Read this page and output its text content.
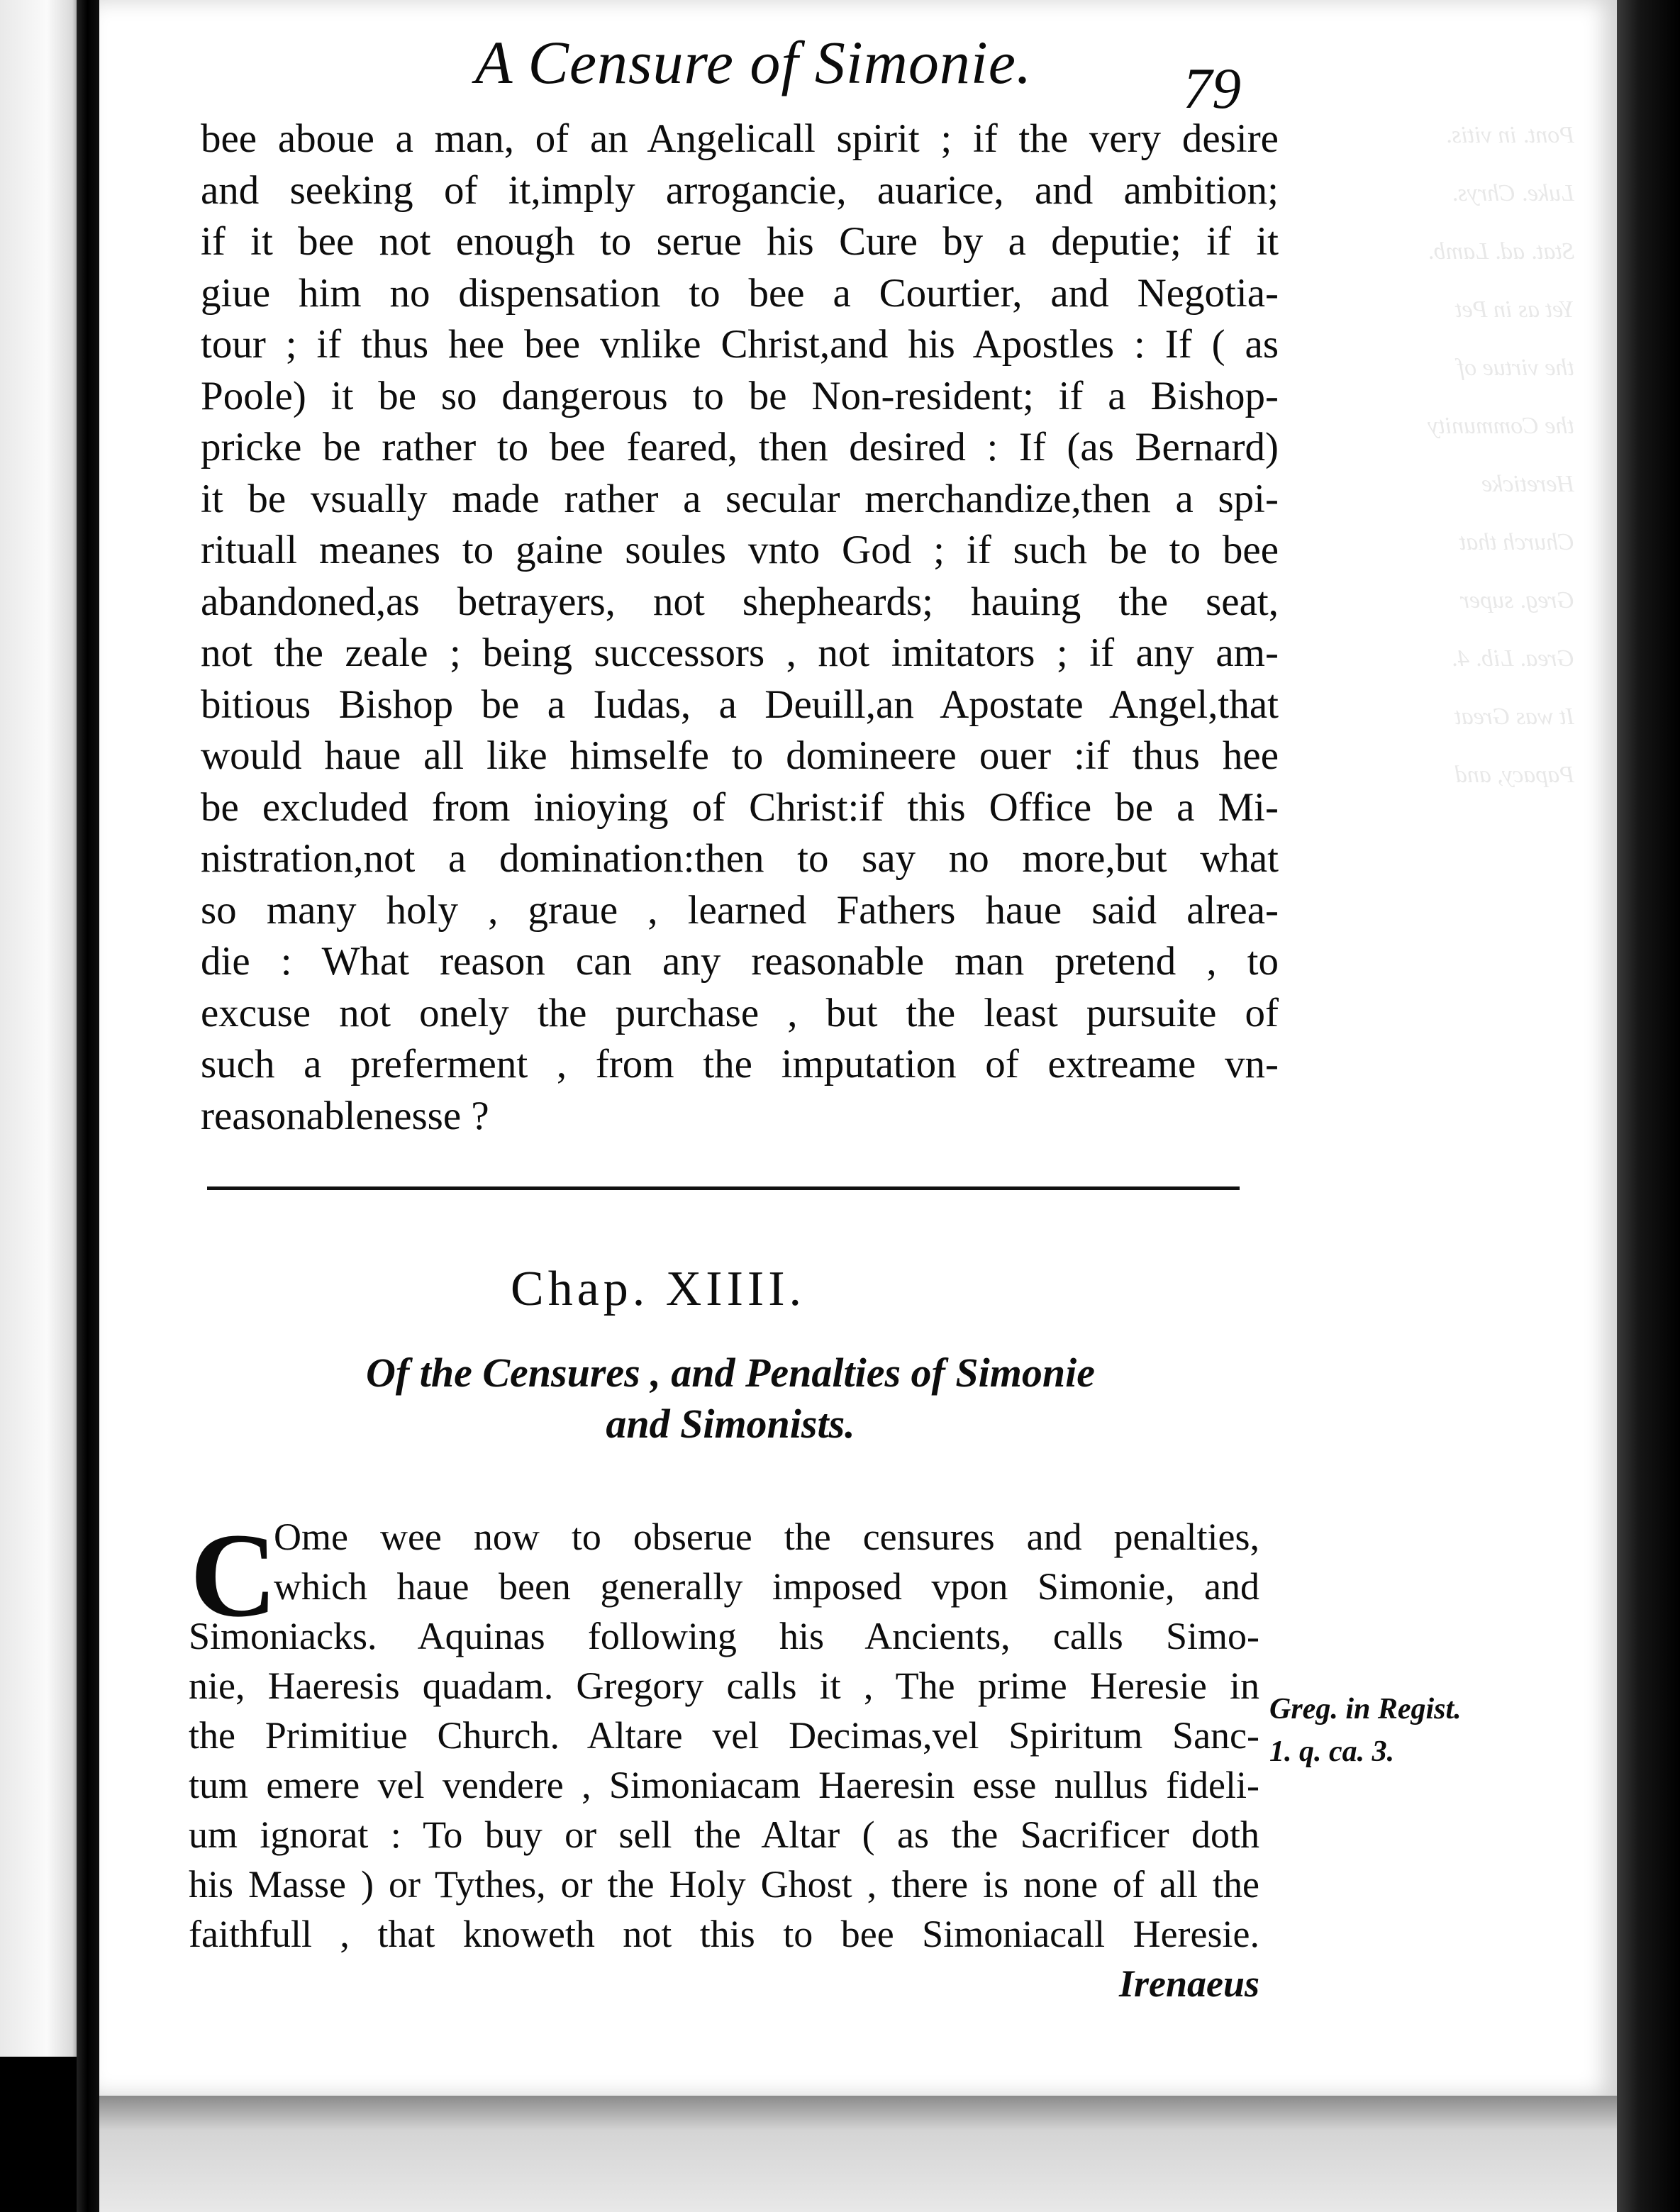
Pont. in vitis.
Luke. Chrys.
Stat. ad. Lamb.
Yet as in Pet
the virtue of
the Community
Hereticke
Church that
Greg. super
Grea. Lib. 4.
It was Great
Papacy, and
A Censure of Simonie.	79
bee aboue a man, of an Angelicall spirit ; if the very desire
and seeking of it,imply arrogancie, auarice, and ambition;
if it bee not enough to serue his Cure by a deputie; if it
giue him no dispensation to bee a Courtier, and Negotia-
tour ; if thus hee bee vnlike Christ,and his Apostles : If ( as
Poole) it be so dangerous to be Non-resident; if a Bishop-
pricke be rather to bee feared, then desired : If (as Bernard)
it be vsually made rather a secular merchandize,then a spi-
rituall meanes to gaine soules vnto God ; if such be to bee
abandoned,as betrayers, not shepheards; hauing the seat,
not the zeale ; being successors , not imitators ; if any am-
bitious Bishop be a Iudas, a Deuill,an Apostate Angel,that
would haue all like himselfe to domineere ouer :if thus hee
be excluded from inioying of Christ:if this Office be a Mi-
nistration,not a domination:then to say no more,but what
so many holy , graue , learned Fathers haue said alrea-
die : What reason can any reasonable man pretend , to
excuse not onely the purchase , but the least pursuite of
such a preferment , from the imputation of extreame vn-
reasonablenesse ?
Chap. XIIII.
Of the Censures , and Penalties of Simonie
and Simonists.
C
Ome wee now to obserue the censures and penalties,
which haue been generally imposed vpon Simonie, and
Simoniacks. Aquinas following his Ancients, calls Simo-
nie, Haeresis quadam. Gregory calls it , The prime Heresie in
the Primitiue Church. Altare vel Decimas,vel Spiritum Sanc-
tum emere vel vendere , Simoniacam Haeresin esse nullus fideli-
um ignorat : To buy or sell the Altar ( as the Sacrificer doth
his Masse ) or Tythes, or the Holy Ghost , there is none of all the
faithfull , that knoweth not this to bee Simoniacall Heresie.
Irenaeus
Greg. in Regist.
1. q. ca. 3.
